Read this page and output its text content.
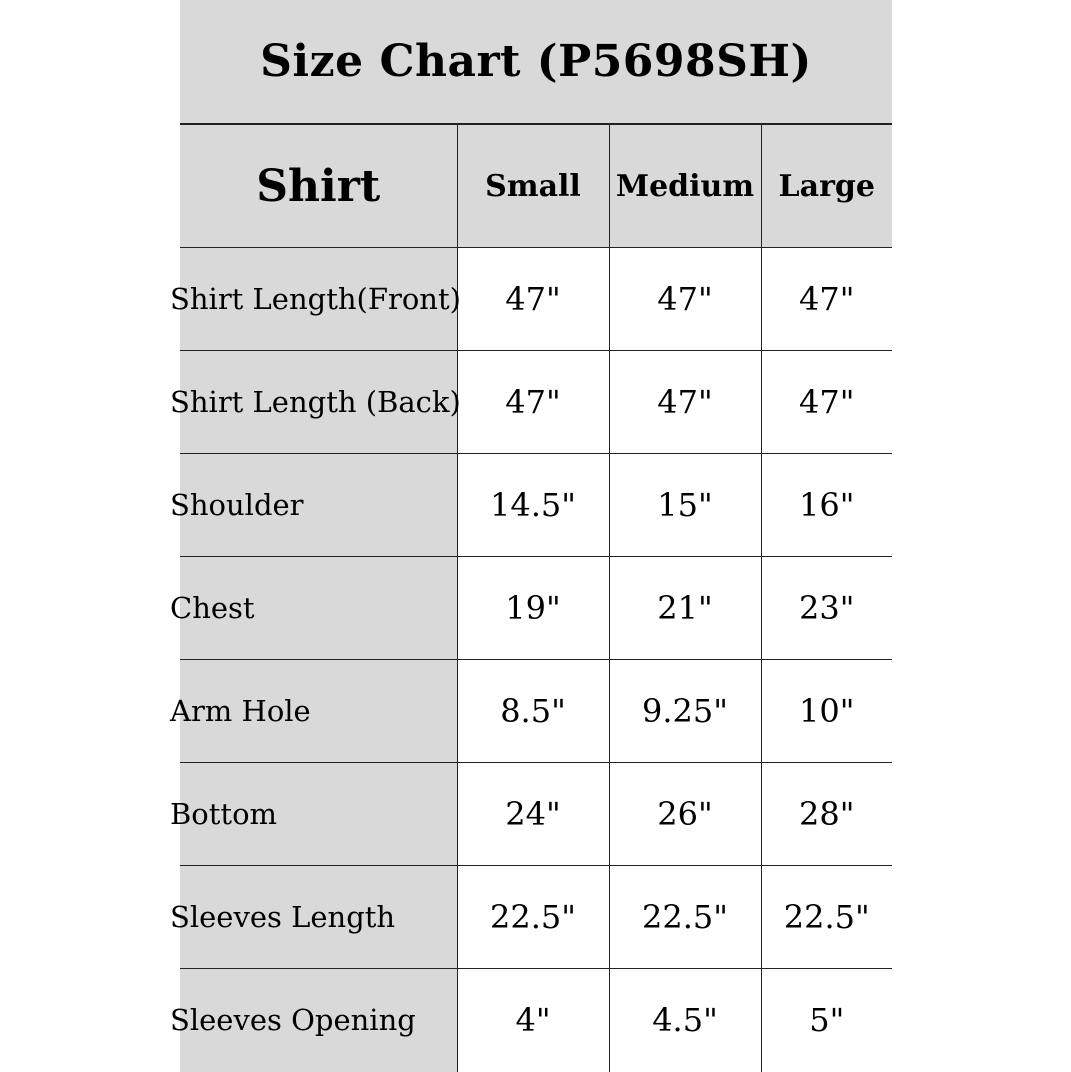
Size Chart (P5698SH)
Shirt	Small	Medium	Large
Shirt Length(Front)	47"	47"	47"
Shirt Length (Back)	47"	47"	47"
Shoulder	14.5"	15"	16"
Chest	19"	21"	23"
Arm Hole	8.5"	9.25"	10"
Bottom	24"	26"	28"
Sleeves Length	22.5"	22.5"	22.5"
Sleeves Opening	4"	4.5"	5"
